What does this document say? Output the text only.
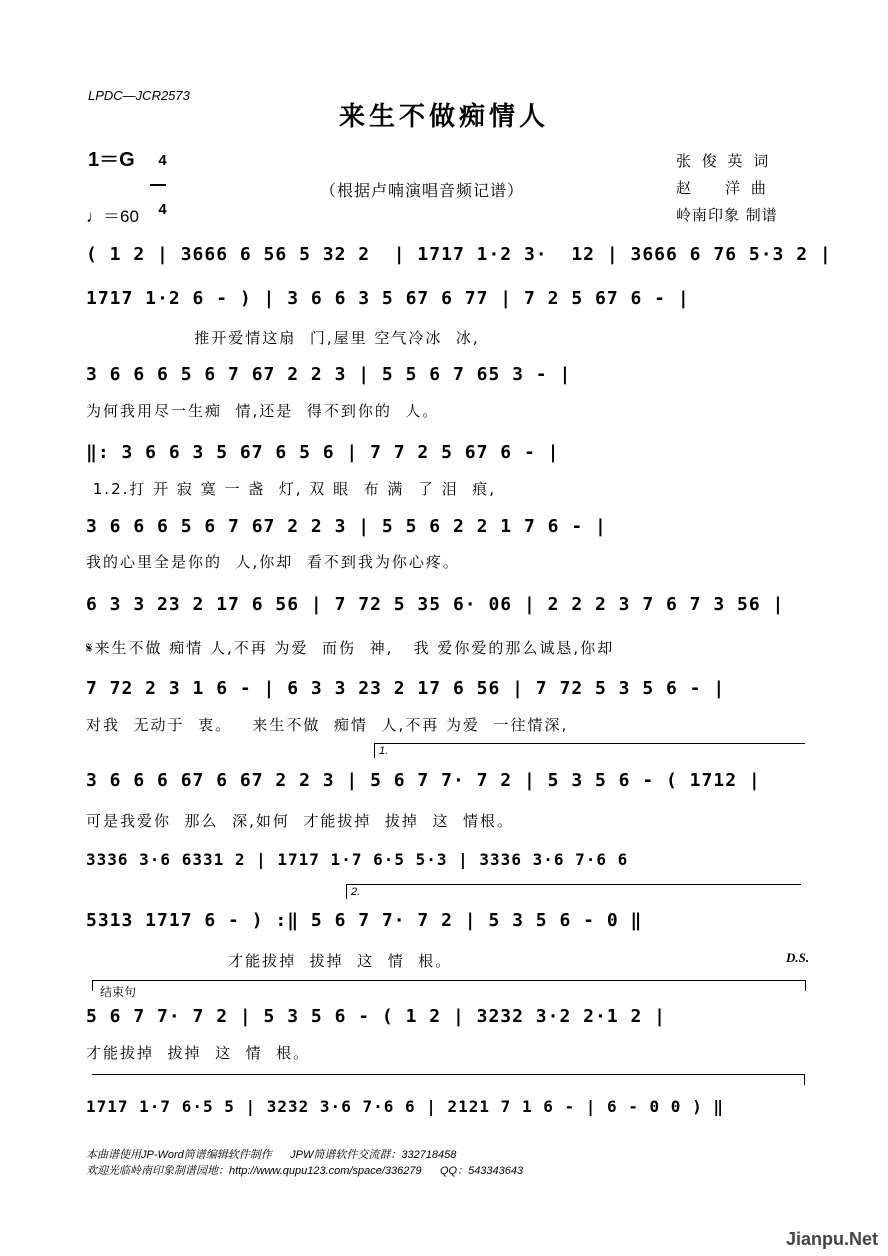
LPDC—JCR2573
来生不做痴情人
1＝G	4

4

（根据卢喃演唱音频记谱）
♩＝60
张 俊 英 词
赵    洋 曲
岭南印象 制谱
( 1 2 | 3666 6 56 5 32 2  | 1717 1·2 3·  12 | 3666 6 76 5·3 2 |
1717 1·2 6 - ) | 3 6 6 3 5 67 6 77 | 7 2 5 67 6 - |
推开爱情这扇  门,屋里 空气冷冰  冰,
3 6 6 6 5 6 7 67 2 2 3 | 5 5 6 7 65 3 - |
为何我用尽一生痴  情,还是  得不到你的  人。
‖: 3 6 6 3 5 67 6 5 6 | 7 7 2 5 67 6 - |
1.2.打 开 寂 寞 一 盏  灯, 双 眼  布 满  了 泪  痕,
3 6 6 6 5 6 7 67 2 2 3 | 5 5 6 2 2 1 7 6 - |
我的心里全是你的  人,你却  看不到我为你心疼。
6 3 3 23 2 17 6 56 | 7 72 5 35 6· 06 | 2 2 2 3 7 6 7 3 56 |
𝄋来生不做 痴情 人,不再 为爱  而伤  神,   我 爱你爱的那么诚恳,你却
7 72 2 3 1 6 - | 6 3 3 23 2 17 6 56 | 7 72 5 3 5 6 - |
对我  无动于  衷。   来生不做  痴情  人,不再 为爱  一往情深,
1.
3 6 6 6 67 6 67 2 2 3 | 5 6 7 7· 7 2 | 5 3 5 6 - ( 1712 |
可是我爱你  那么  深,如何  才能拔掉  拔掉  这  情根。
3336 3·6 6331 2 | 1717 1·7 6·5 5·3 | 3336 3·6 7·6 6
2.
5313 1717 6 - ) :‖ 5 6 7 7· 7 2 | 5 3 5 6 - 0 ‖
才能拔掉  拔掉  这  情  根。	D.S.
结束句
5 6 7 7· 7 2 | 5 3 5 6 - ( 1 2 | 3232 3·2 2·1 2 |
才能拔掉  拔掉  这  情  根。
1717 1·7 6·5 5 | 3232 3·6 7·6 6 | 2121 7 1 6 - | 6 - 0 0 ) ‖
本曲谱使用JP-Word简谱编辑软件制作      JPW简谱软件交流群：332718458
欢迎光临岭南印象制谱园地：http://www.qupu123.com/space/336279      QQ：543343643
Jianpu.Net
